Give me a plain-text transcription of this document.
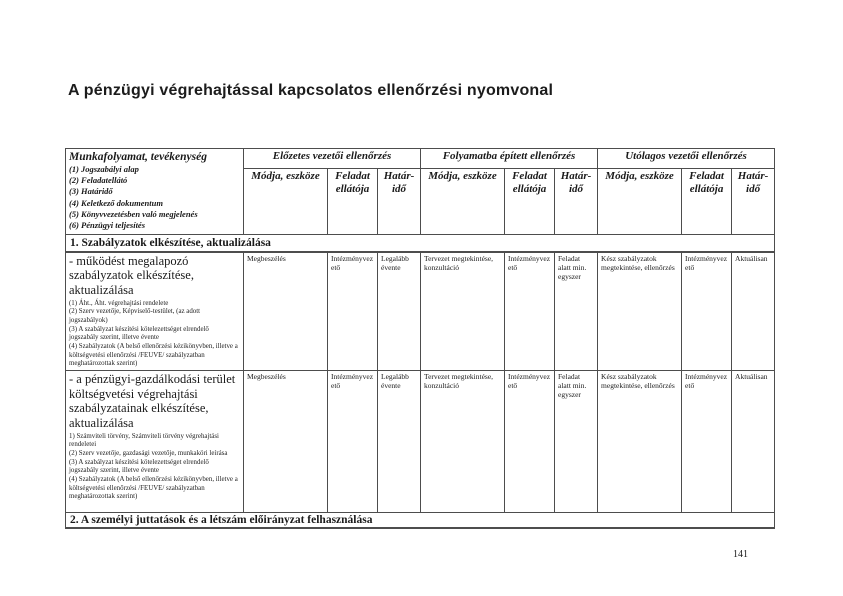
A pénzügyi végrehajtással kapcsolatos ellenőrzési nyomvonal
Munkafolyamat, tevékenység
(1) Jogszabályi alap
(2) Feladatellátó
(3) Határidő
(4) Keletkező dokumentum
(5) Könyvvezetésben való megjelenés
(6) Pénzügyi teljesítés
	Előzetes vezetői ellenőrzés	Folyamatba épített ellenőrzés	Utólagos vezetői ellenőrzés
	Módja, eszköze	Feladat ellátója	Határ-idő	Módja, eszköze	Feladat ellátója	Határ-idő	Módja, eszköze	Feladat ellátója	Határ-idő
1. Szabályzatok elkészítése, aktualizálása									

- működést megalapozó szabályzatok elkészítése, aktualizálása
(1) Áht., Áht. végrehajtási rendelete
(2) Szerv vezetője, Képviselő-testület, (az adott jogszabályok)
(3) A szabályzat készítési kötelezettséget elrendelő jogszabály szerint, illetve évente
(4) Szabályzatok (A belső ellenőrzési kézikönyvben, illetve a költségvetési ellenőrzési /FEUVE/ szabályzatban meghatározottak szerint)	Megbeszélés	Intézményvezető	Legalább évente	Tervezet megtekintése, konzultáció	Intézményvezető	Feladat alatt min. egyszer	Kész szabályzatok megtekintése, ellenőrzés	Intézményvezető	Aktuálisan

- a pénzügyi-gazdálkodási terület költségvetési végrehajtási szabályzatainak elkészítése, aktualizálása
1) Számviteli törvény, Számviteli törvény végrehajtási rendeletei
(2) Szerv vezetője, gazdasági vezetője, munkaköri leírása
(3) A szabályzat készítési kötelezettséget elrendelő jogszabály szerint, illetve évente
(4) Szabályzatok (A belső ellenőrzési kézikönyvben, illetve a költségvetési ellenőrzési /FEUVE/ szabályzatban meghatározottak szerint)	Megbeszélés	Intézményvezető	Legalább évente	Tervezet megtekintése, konzultáció	Intézményvezető	Feladat alatt min. egyszer	Kész szabályzatok megtekintése, ellenőrzés	Intézményvezető	Aktuálisan
2. A személyi juttatások és a létszám előirányzat felhasználása									
141
